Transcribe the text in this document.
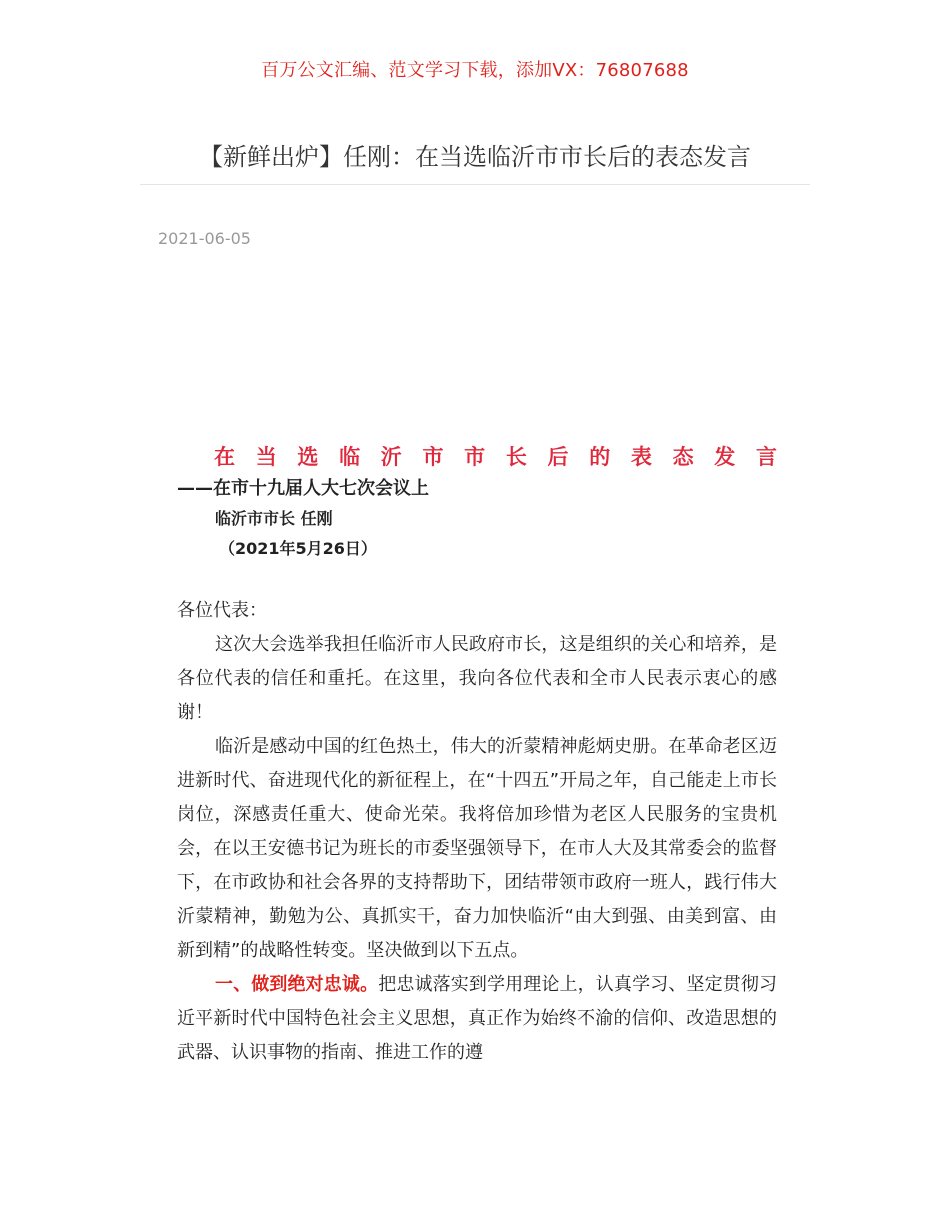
百万公文汇编、范文学习下载，添加VX：76807688
【新鲜出炉】任刚：在当选临沂市市长后的表态发言
2021-06-05
在当选临沂市市长后的表态发言
——在市十九届人大七次会议上
临沂市市长 任刚
（2021年5月26日）
各位代表：

这次大会选举我担任临沂市人民政府市长，这是组织的关心和培养，是各位代表的信任和重托。在这里，我向各位代表和全市人民表示衷心的感谢！

临沂是感动中国的红色热土，伟大的沂蒙精神彪炳史册。在革命老区迈进新时代、奋进现代化的新征程上，在“十四五”开局之年，自己能走上市长岗位，深感责任重大、使命光荣。我将倍加珍惜为老区人民服务的宝贵机会，在以王安德书记为班长的市委坚强领导下，在市人大及其常委会的监督下，在市政协和社会各界的支持帮助下，团结带领市政府一班人，践行伟大沂蒙精神，勤勉为公、真抓实干，奋力加快临沂“由大到强、由美到富、由新到精”的战略性转变。坚决做到以下五点。

一、做到绝对忠诚。把忠诚落实到学用理论上，认真学习、坚定贯彻习近平新时代中国特色社会主义思想，真正作为始终不渝的信仰、改造思想的武器、认识事物的指南、推进工作的遵
